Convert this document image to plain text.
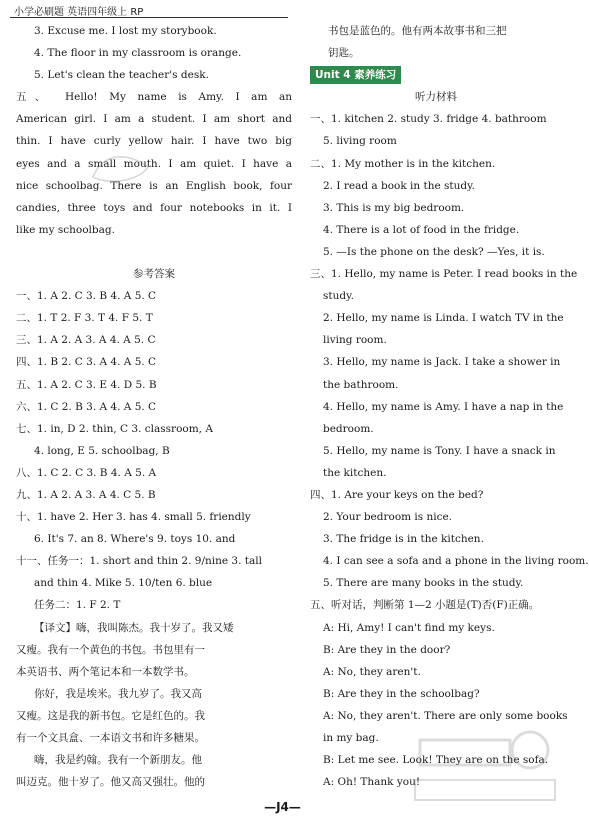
小学必刷题 英语四年级上 RP
3. Excuse me. I lost my storybook.
4. The floor in my classroom is orange.
5. Let's clean the teacher's desk.
五、 Hello! My name is Amy. I am an
American girl. I am a student. I am short and
thin. I have curly yellow hair. I have two big
eyes and a small mouth. I am quiet. I have a
nice schoolbag. There is an English book, four
candies, three toys and four notebooks in it. I
like my schoolbag.
参考答案
一、1. A 2. C 3. B 4. A 5. C
二、1. T 2. F 3. T 4. F 5. T
三、1. A 2. A 3. A 4. A 5. C
四、1. B 2. C 3. A 4. A 5. C
五、1. A 2. C 3. E 4. D 5. B
六、1. C 2. B 3. A 4. A 5. C
七、1. in, D 2. thin, C 3. classroom, A
4. long, E 5. schoolbag, B
八、1. C 2. C 3. B 4. A 5. A
九、1. A 2. A 3. A 4. C 5. B
十、1. have 2. Her 3. has 4. small 5. friendly
6. It's 7. an 8. Where's 9. toys 10. and
十一、任务一：1. short and thin 2. 9/nine 3. tall
and thin 4. Mike 5. 10/ten 6. blue
任务二：1. F 2. T
【译文】嗨，我叫陈杰。我十岁了。我又矮
又瘦。我有一个黄色的书包。书包里有一
本英语书、两个笔记本和一本数学书。
你好，我是埃米。我九岁了。我又高
又瘦。这是我的新书包。它是红色的。我
有一个文具盒、一本语文书和许多糖果。
嗨，我是约翰。我有一个新朋友。他
叫迈克。他十岁了。他又高又强壮。他的
书包是蓝色的。他有两本故事书和三把
钥匙。
Unit 4 素养练习
听力材料
一、1. kitchen 2. study 3. fridge 4. bathroom
5. living room
二、1. My mother is in the kitchen.
2. I read a book in the study.
3. This is my big bedroom.
4. There is a lot of food in the fridge.
5. —Is the phone on the desk? —Yes, it is.
三、1. Hello, my name is Peter. I read books in the
study.
2. Hello, my name is Linda. I watch TV in the
living room.
3. Hello, my name is Jack. I take a shower in
the bathroom.
4. Hello, my name is Amy. I have a nap in the
bedroom.
5. Hello, my name is Tony. I have a snack in
the kitchen.
四、1. Are your keys on the bed?
2. Your bedroom is nice.
3. The fridge is in the kitchen.
4. I can see a sofa and a phone in the living room.
5. There are many books in the study.
五、听对话，判断第 1—2 小题是(T)否(F)正确。
A: Hi, Amy! I can't find my keys.
B: Are they in the door?
A: No, they aren't.
B: Are they in the schoolbag?
A: No, they aren't. There are only some books
in my bag.
B: Let me see. Look! They are on the sofa.
A: Oh! Thank you!
—J4—
